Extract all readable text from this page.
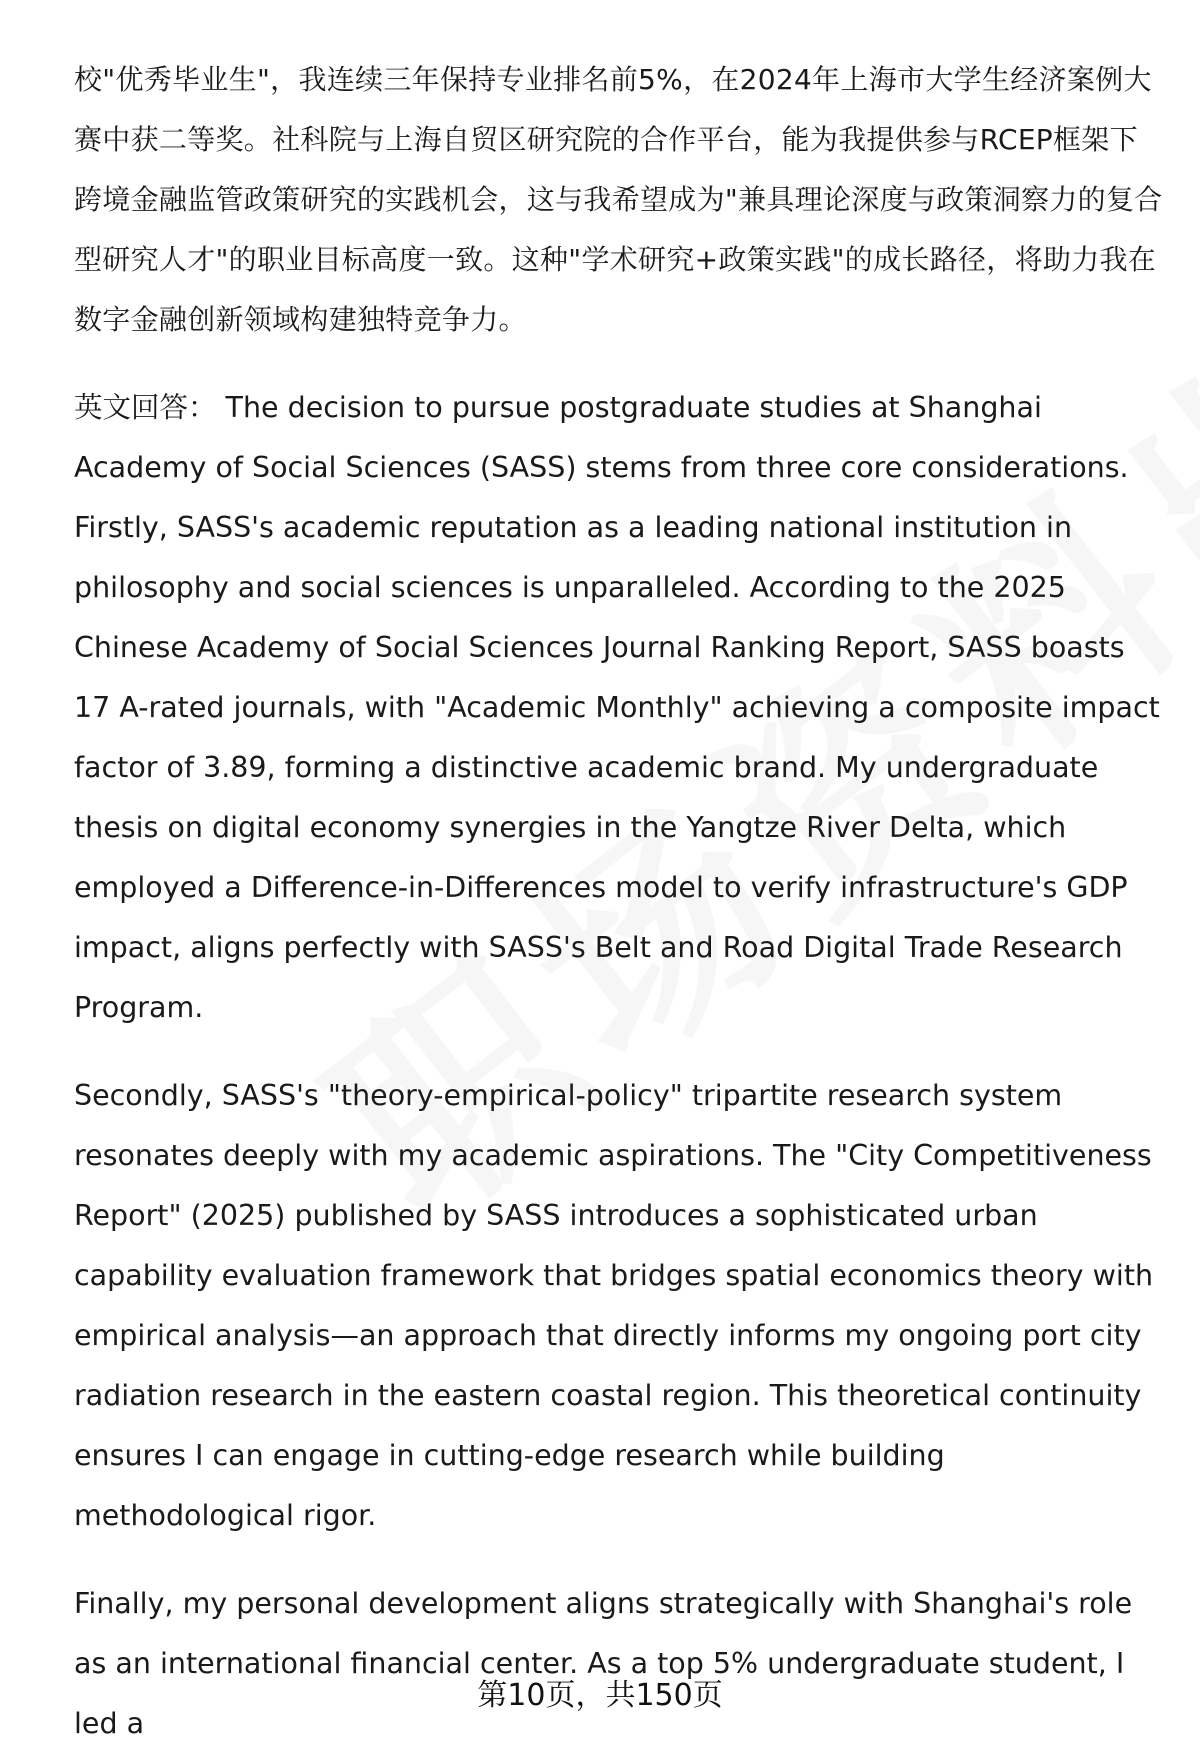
校"优秀毕业生"，我连续三年保持专业排名前5%，在2024年上海市大学生经济案例大赛中获二等奖。社科院与上海自贸区研究院的合作平台，能为我提供参与RCEP框架下跨境金融监管政策研究的实践机会，这与我希望成为"兼具理论深度与政策洞察力的复合型研究人才"的职业目标高度一致。这种"学术研究+政策实践"的成长路径，将助力我在数字金融创新领域构建独特竞争力。

英文回答： The decision to pursue postgraduate studies at Shanghai Academy of Social Sciences (SASS) stems from three core considerations. Firstly, SASS's academic reputation as a leading national institution in philosophy and social sciences is unparalleled. According to the 2025 Chinese Academy of Social Sciences Journal Ranking Report, SASS boasts 17 A-rated journals, with "Academic Monthly" achieving a composite impact factor of 3.89, forming a distinctive academic brand. My undergraduate thesis on digital economy synergies in the Yangtze River Delta, which employed a Difference-in-Differences model to verify infrastructure's GDP impact, aligns perfectly with SASS's Belt and Road Digital Trade Research Program.

Secondly, SASS's "theory-empirical-policy" tripartite research system resonates deeply with my academic aspirations. The "City Competitiveness Report" (2025) published by SASS introduces a sophisticated urban capability evaluation framework that bridges spatial economics theory with empirical analysis—an approach that directly informs my ongoing port city radiation research in the eastern coastal region. This theoretical continuity ensures I can engage in cutting-edge research while building methodological rigor.

Finally, my personal development aligns strategically with Shanghai's role as an international financial center. As a top 5% undergraduate student, I led a

第10页，共150页
